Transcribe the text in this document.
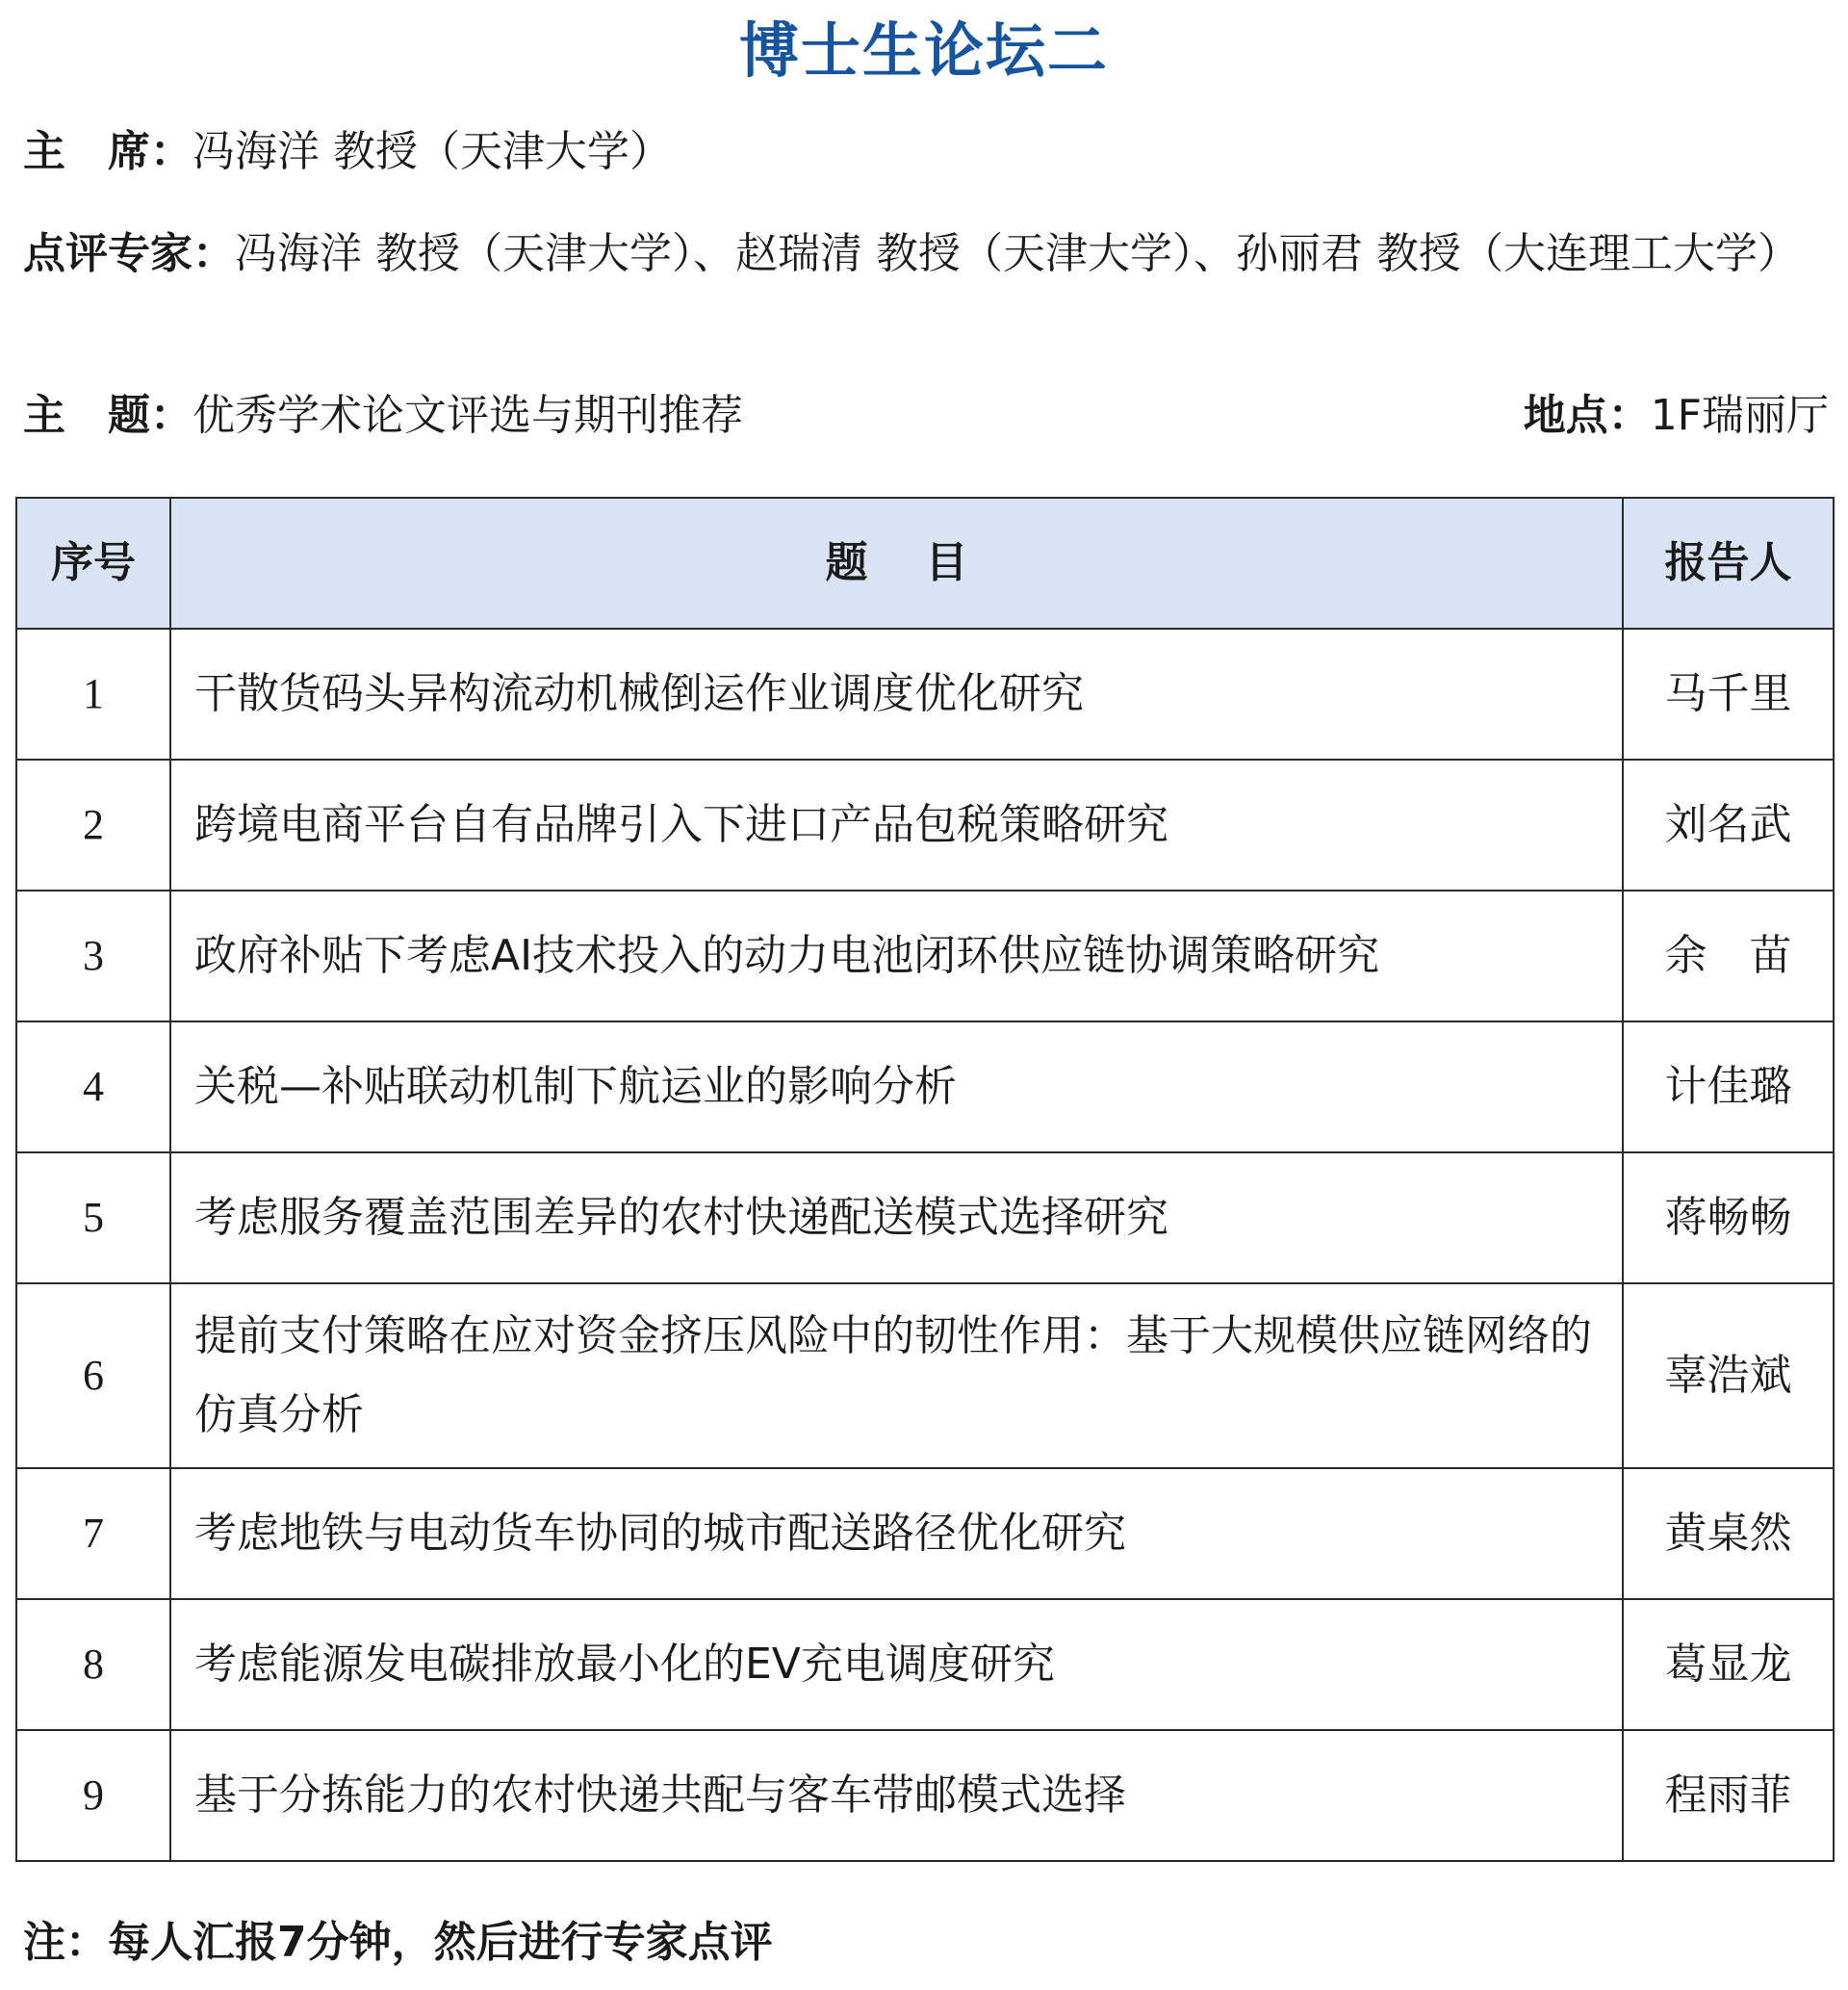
博士生论坛二
主　席：冯海洋 教授（天津大学）
点评专家：冯海洋 教授（天津大学）、赵瑞清 教授（天津大学）、孙丽君 教授（大连理工大学）
主　题：优秀学术论文评选与期刊推荐	地点：1F瑞丽厅
序号	题目	报告人
1	干散货码头异构流动机械倒运作业调度优化研究	马千里
2	跨境电商平台自有品牌引入下进口产品包税策略研究	刘名武
3	政府补贴下考虑AI技术投入的动力电池闭环供应链协调策略研究	余　苗
4	关税—补贴联动机制下航运业的影响分析	计佳璐
5	考虑服务覆盖范围差异的农村快递配送模式选择研究	蒋畅畅
6	提前支付策略在应对资金挤压风险中的韧性作用：基于大规模供应链网络的仿真分析	辜浩斌
7	考虑地铁与电动货车协同的城市配送路径优化研究	黄桌然
8	考虑能源发电碳排放最小化的EV充电调度研究	葛显龙
9	基于分拣能力的农村快递共配与客车带邮模式选择	程雨菲
注：每人汇报7分钟，然后进行专家点评
